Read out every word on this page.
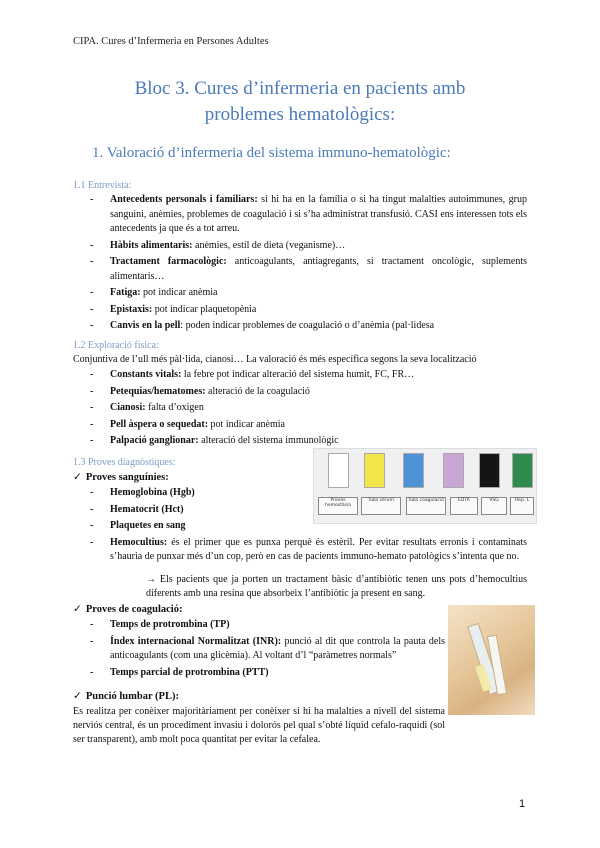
CIPA. Cures d’Infermeria en Persones Adultes
Bloc 3. Cures d’infermeria en pacients amb
problemes hematològics:
1. Valoració d’infermeria del sistema immuno-hematològic:
1.1 Entrevista:
- Antecedents personals i familiars: si hi ha en la família o si ha tingut malalties autoimmunes, grup sanguini, anèmies, problemes de coagulació i si s’ha administrat transfusió. CASI ens interessen tots els antecedents ja que és a tot arreu.
- Hàbits alimentaris: anèmies, estil de dieta (veganisme)…
- Tractament farmacològic: anticoagulants, antiagregants, si tractament oncològic, suplements alimentaris…
- Fatiga: pot indicar anèmia
- Epistaxis: pot indicar plaquetopènia
- Canvis en la pell: poden indicar problemes de coagulació o d’anèmia (pal·lidesa
1.2 Exploració física:
Conjuntiva de l’ull més pàl·lida, cianosi… La valoració és més específica segons la seva localització
- Constants vitals: la febre pot indicar alteració del sistema humit, FC, FR…
- Petequias/hematomes: alteració de la coagulació
- Cianosi: falta d’oxigen
- Pell àspera o sequedat: pot indicar anèmia
- Palpació ganglionar: alteració del sistema immunològic
1.3 Proves diagnòstiques:
Proves hemostàsia
Tubs sèrum	Tubs coagulació	EDTA	VSG	Hep. L
✓ Proves sanguínies:
- Hemoglobina (Hgb)
- Hematocrit (Hct)
- Plaquetes en sang
- Hemocultius: és el primer que es punxa perquè és estèril. Per evitar resultats erronis i contaminats s’hauria de punxar més d’un cop, però en cas de pacients immuno-hemato patològics s’intenta que no.
→ Els pacients que ja porten un tractament bàsic d’antibiòtic tenen uns pots d’hemocultius diferents amb una resina que absorbeix l’antibiòtic ja present en sang.
✓ Proves de coagulació:
- Temps de protrombina (TP)
- Índex internacional Normalitzat (INR): punció al dit que controla la pauta dels anticoagulants (com una glicèmia). Al voltant d’l “paràmetres normals”
- Temps parcial de protrombina (PTT)
✓ Punció lumbar (PL):
Es realitza per conèixer majoritàriament per conèixer si hi ha malalties a nivell del sistema nerviós central, és un procediment invasiu i dolorós pel qual s’obté líquid cefalo-raquidi (sol ser transparent), amb molt poca quantitat per evitar la cefalea.
1
